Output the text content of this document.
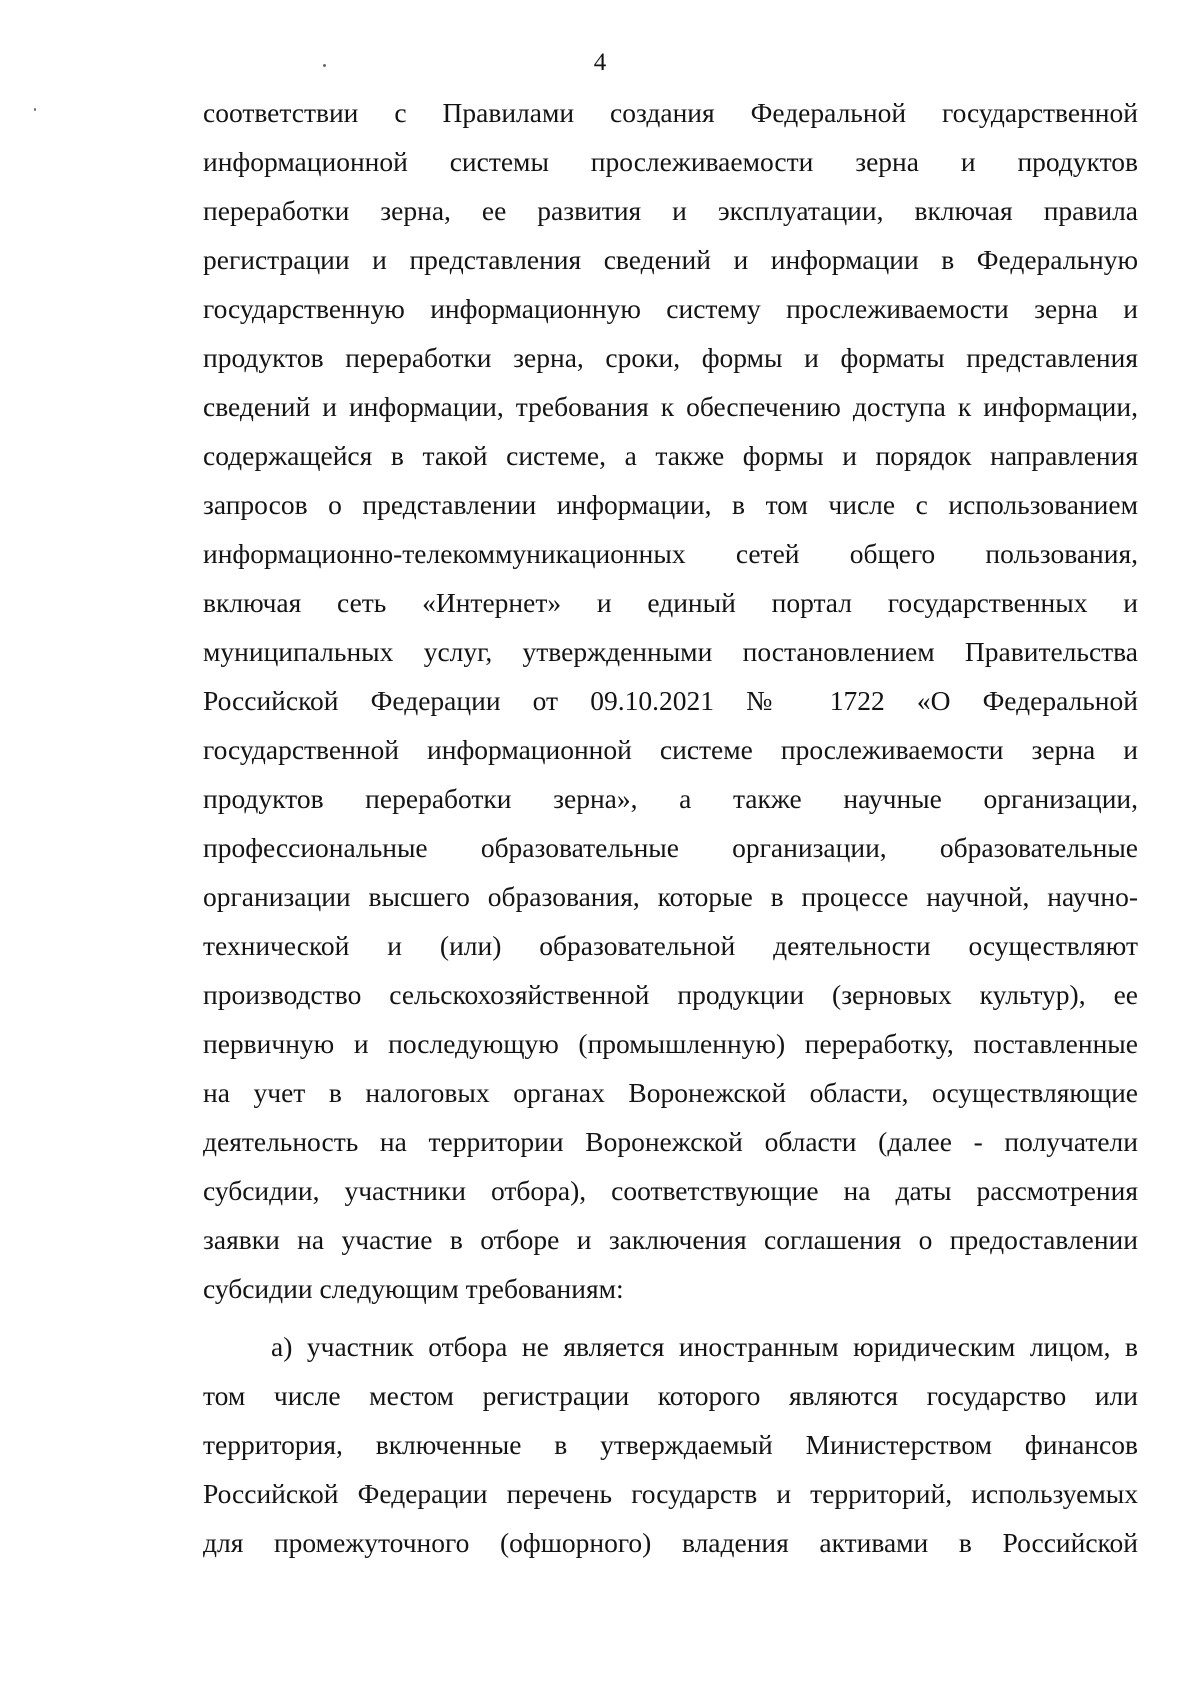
4
соответствии с Правилами создания Федеральной государственной
информационной системы прослеживаемости зерна и продуктов
переработки зерна, ее развития и эксплуатации, включая правила
регистрации и представления сведений и информации в Федеральную
государственную информационную систему прослеживаемости зерна и
продуктов переработки зерна, сроки, формы и форматы представления
сведений и информации, требования к обеспечению доступа к информации,
содержащейся в такой системе, а также формы и порядок направления
запросов о представлении информации, в том числе с использованием
информационно-телекоммуникационных сетей общего пользования,
включая сеть «Интернет» и единый портал государственных и
муниципальных услуг, утвержденными постановлением Правительства
Российской Федерации от 09.10.2021 № 1722 «О Федеральной
государственной информационной системе прослеживаемости зерна и
продуктов переработки зерна», а также научные организации,
профессиональные образовательные организации, образовательные
организации высшего образования, которые в процессе научной, научно-
технической и (или) образовательной деятельности осуществляют
производство сельскохозяйственной продукции (зерновых культур), ее
первичную и последующую (промышленную) переработку, поставленные
на учет в налоговых органах Воронежской области, осуществляющие
деятельность на территории Воронежской области (далее - получатели
субсидии, участники отбора), соответствующие на даты рассмотрения
заявки на участие в отборе и заключения соглашения о предоставлении
субсидии следующим требованиям:
а) участник отбора не является иностранным юридическим лицом, в
том числе местом регистрации которого являются государство или
территория, включенные в утверждаемый Министерством финансов
Российской Федерации перечень государств и территорий, используемых
для промежуточного (офшорного) владения активами в Российской
